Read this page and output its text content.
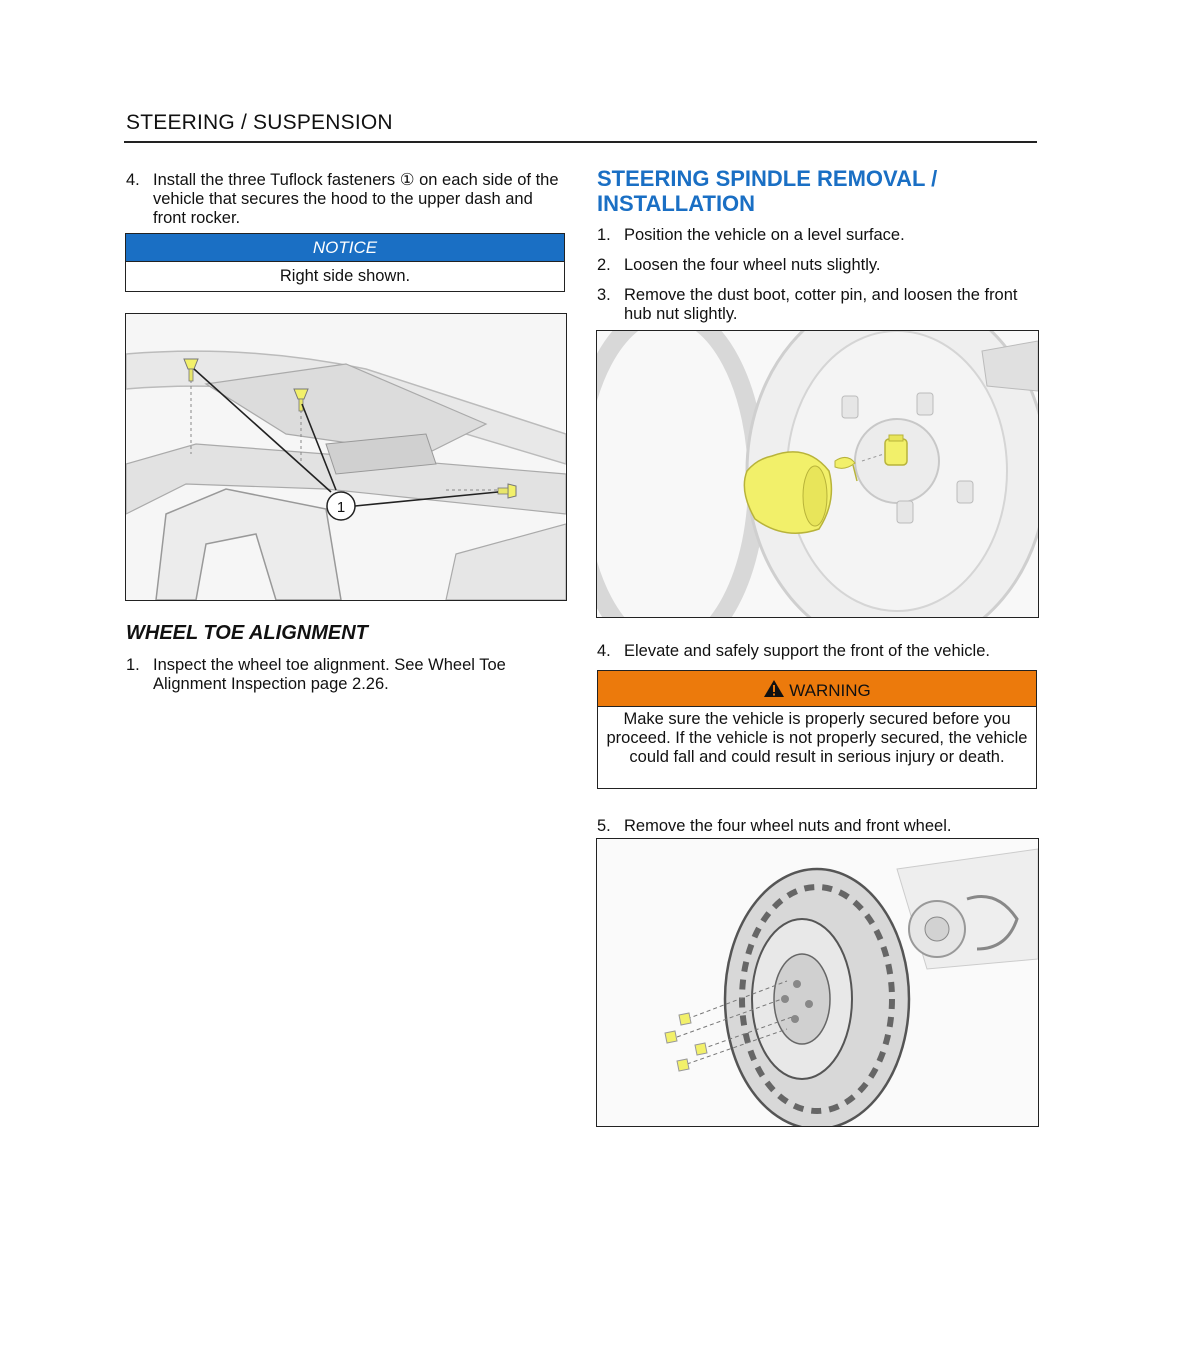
STEERING / SUSPENSION
4. Install the three Tuflock fasteners ① on each side of the vehicle that secures the hood to the upper dash and front rocker.
NOTICE
Right side shown.
1
WHEEL TOE ALIGNMENT
1. Inspect the wheel toe alignment. See Wheel Toe Alignment Inspection page 2.26.
STEERING SPINDLE REMOVAL / INSTALLATION
1. Position the vehicle on a level surface.
2. Loosen the four wheel nuts slightly.
3. Remove the dust boot, cotter pin, and loosen the front hub nut slightly.
4. Elevate and safely support the front of the vehicle.
WARNING
Make sure the vehicle is properly secured before you proceed. If the vehicle is not properly secured, the vehicle could fall and could result in serious injury or death.
5. Remove the four wheel nuts and front wheel.
